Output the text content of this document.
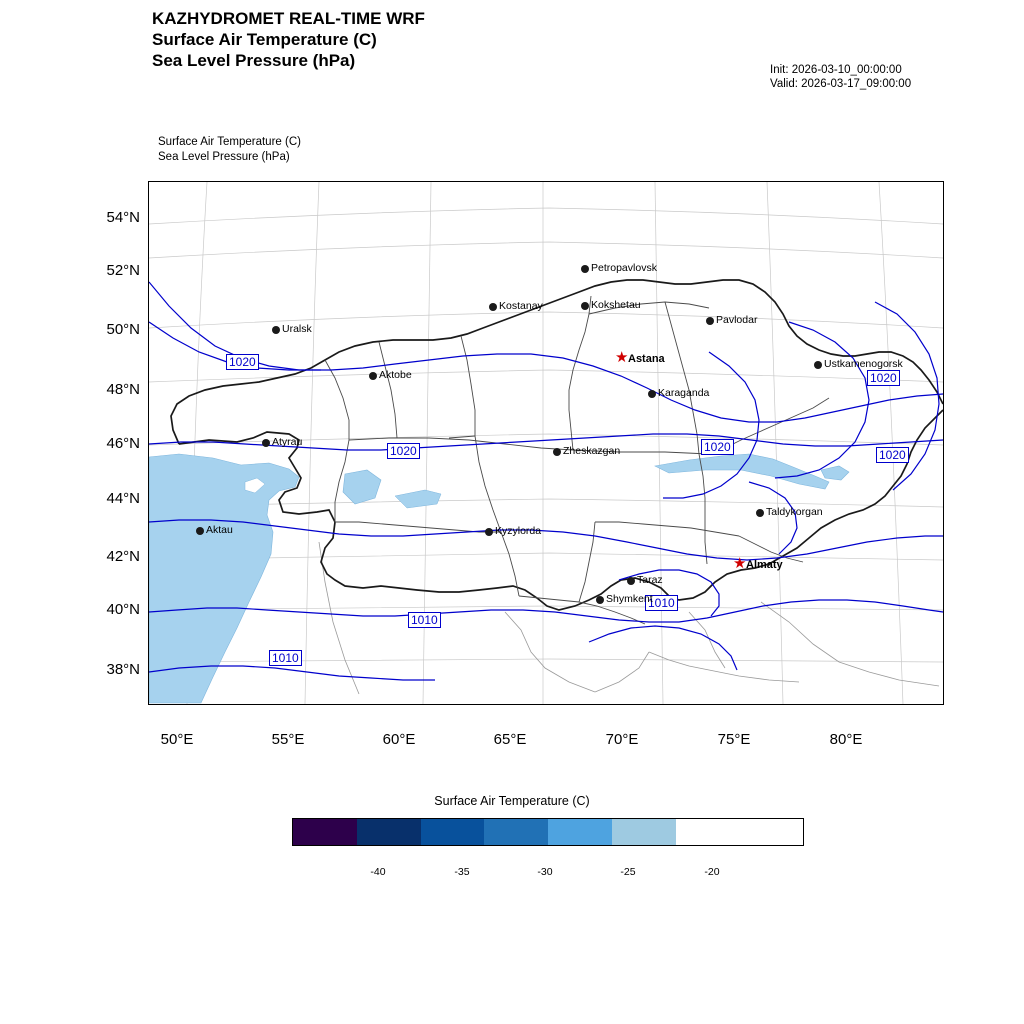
KAZHYDROMET REAL-TIME WRF
Surface Air Temperature (C)
Sea Level Pressure (hPa)	Init: 2026-03-10_00:00:00
Valid: 2026-03-17_09:00:00
Surface Air Temperature (C)
Sea Level Pressure (hPa)
1020
1020	1020
1020
1020
1010
1010
1010
Petropavlovsk
Kostanay	Kokshetau
Pavlodar
Uralsk
Aktobe
Karaganda
Ustkamenogorsk
Atyrau
Zheskazgan
Aktau	Kyzylorda
Taldykorgan
Taraz
Shymkent
★ Astana
★ Almaty
54°N
52°N
50°N
48°N
46°N
44°N
42°N
40°N
38°N
50°E	55°E	60°E	65°E	70°E	75°E	80°E
Surface Air Temperature (C)
-40	-35	-30	-25	-20
